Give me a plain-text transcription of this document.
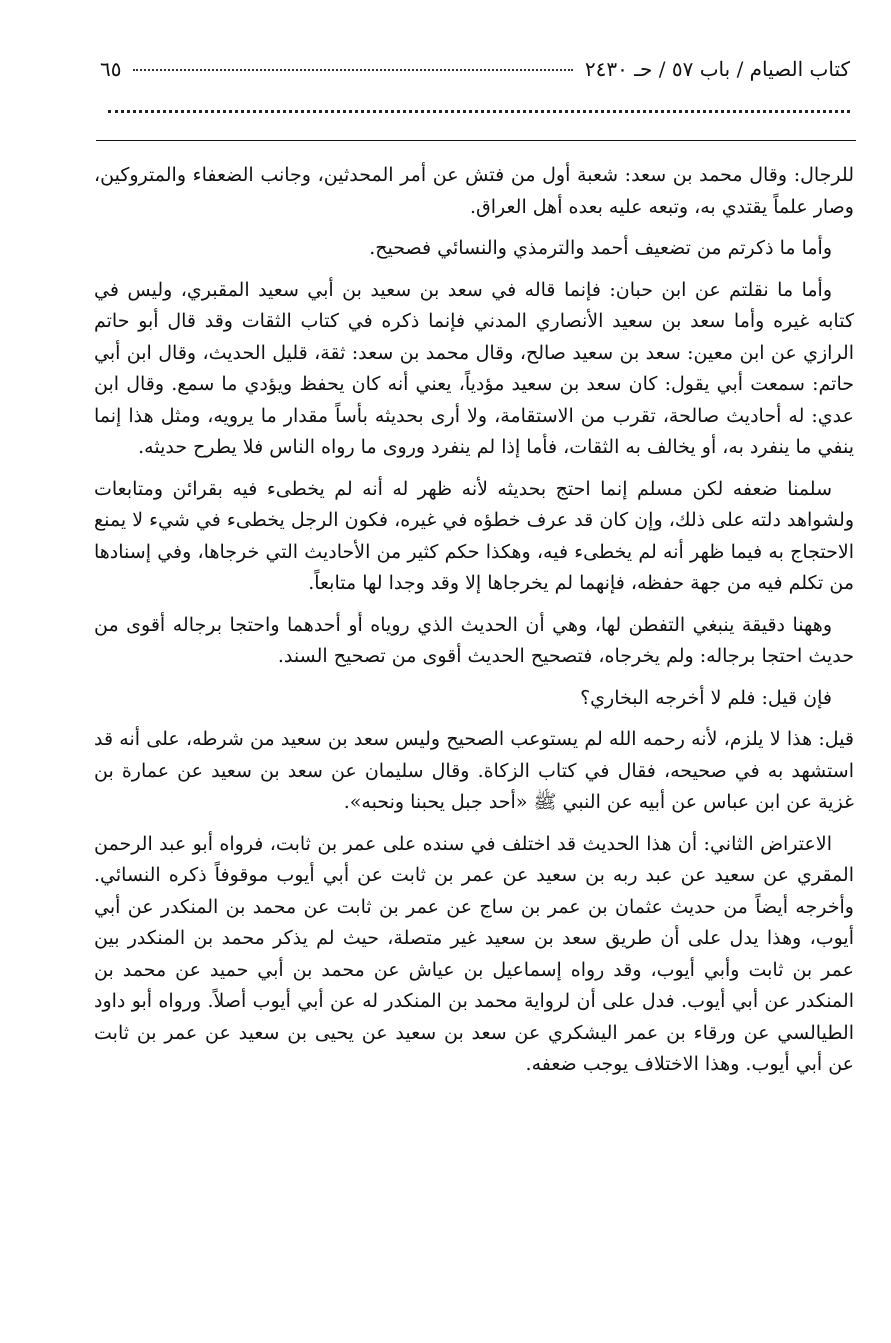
كتاب الصيام / باب ٥٧ / حـ ٢٤٣٠
٦٥

للرجال: وقال محمد بن سعد: شعبة أول من فتش عن أمر المحدثين، وجانب الضعفاء والمتروكين، وصار علماً يقتدي به، وتبعه عليه بعده أهل العراق.

وأما ما ذكرتم من تضعيف أحمد والترمذي والنسائي فصحيح.

وأما ما نقلتم عن ابن حبان: فإنما قاله في سعد بن سعيد بن أبي سعيد المقبري، وليس في كتابه غيره وأما سعد بن سعيد الأنصاري المدني فإنما ذكره في كتاب الثقات وقد قال أبو حاتم الرازي عن ابن معين: سعد بن سعيد صالح، وقال محمد بن سعد: ثقة، قليل الحديث، وقال ابن أبي حاتم: سمعت أبي يقول: كان سعد بن سعيد مؤدياً، يعني أنه كان يحفظ ويؤدي ما سمع. وقال ابن عدي: له أحاديث صالحة، تقرب من الاستقامة، ولا أرى بحديثه بأساً مقدار ما يرويه، ومثل هذا إنما ينفي ما ينفرد به، أو يخالف به الثقات، فأما إذا لم ينفرد وروى ما رواه الناس فلا يطرح حديثه.

سلمنا ضعفه لكن مسلم إنما احتج بحديثه لأنه ظهر له أنه لم يخطىء فيه بقرائن ومتابعات ولشواهد دلته على ذلك، وإن كان قد عرف خطؤه في غيره، فكون الرجل يخطىء في شيء لا يمنع الاحتجاج به فيما ظهر أنه لم يخطىء فيه، وهكذا حكم كثير من الأحاديث التي خرجاها، وفي إسنادها من تكلم فيه من جهة حفظه، فإنهما لم يخرجاها إلا وقد وجدا لها متابعاً.

وههنا دقيقة ينبغي التفطن لها، وهي أن الحديث الذي روياه أو أحدهما واحتجا برجاله أقوى من حديث احتجا برجاله: ولم يخرجاه، فتصحيح الحديث أقوى من تصحيح السند.

فإن قيل: فلم لا أخرجه البخاري؟

قيل: هذا لا يلزم، لأنه رحمه الله لم يستوعب الصحيح وليس سعد بن سعيد من شرطه، على أنه قد استشهد به في صحيحه، فقال في كتاب الزكاة. وقال سليمان عن سعد بن سعيد عن عمارة بن غزية عن ابن عباس عن أبيه عن النبي ﷺ «أحد جبل يحبنا ونحبه».

الاعتراض الثاني: أن هذا الحديث قد اختلف في سنده على عمر بن ثابت، فرواه أبو عبد الرحمن المقري عن سعيد عن عبد ربه بن سعيد عن عمر بن ثابت عن أبي أيوب موقوفاً ذكره النسائي. وأخرجه أيضاً من حديث عثمان بن عمر بن ساج عن عمر بن ثابت عن محمد بن المنكدر عن أبي أيوب، وهذا يدل على أن طريق سعد بن سعيد غير متصلة، حيث لم يذكر محمد بن المنكدر بين عمر بن ثابت وأبي أيوب، وقد رواه إسماعيل بن عياش عن محمد بن أبي حميد عن محمد بن المنكدر عن أبي أيوب. فدل على أن لرواية محمد بن المنكدر له عن أبي أيوب أصلاً. ورواه أبو داود الطيالسي عن ورقاء بن عمر اليشكري عن سعد بن سعيد عن يحيى بن سعيد عن عمر بن ثابت عن أبي أيوب. وهذا الاختلاف يوجب ضعفه.
